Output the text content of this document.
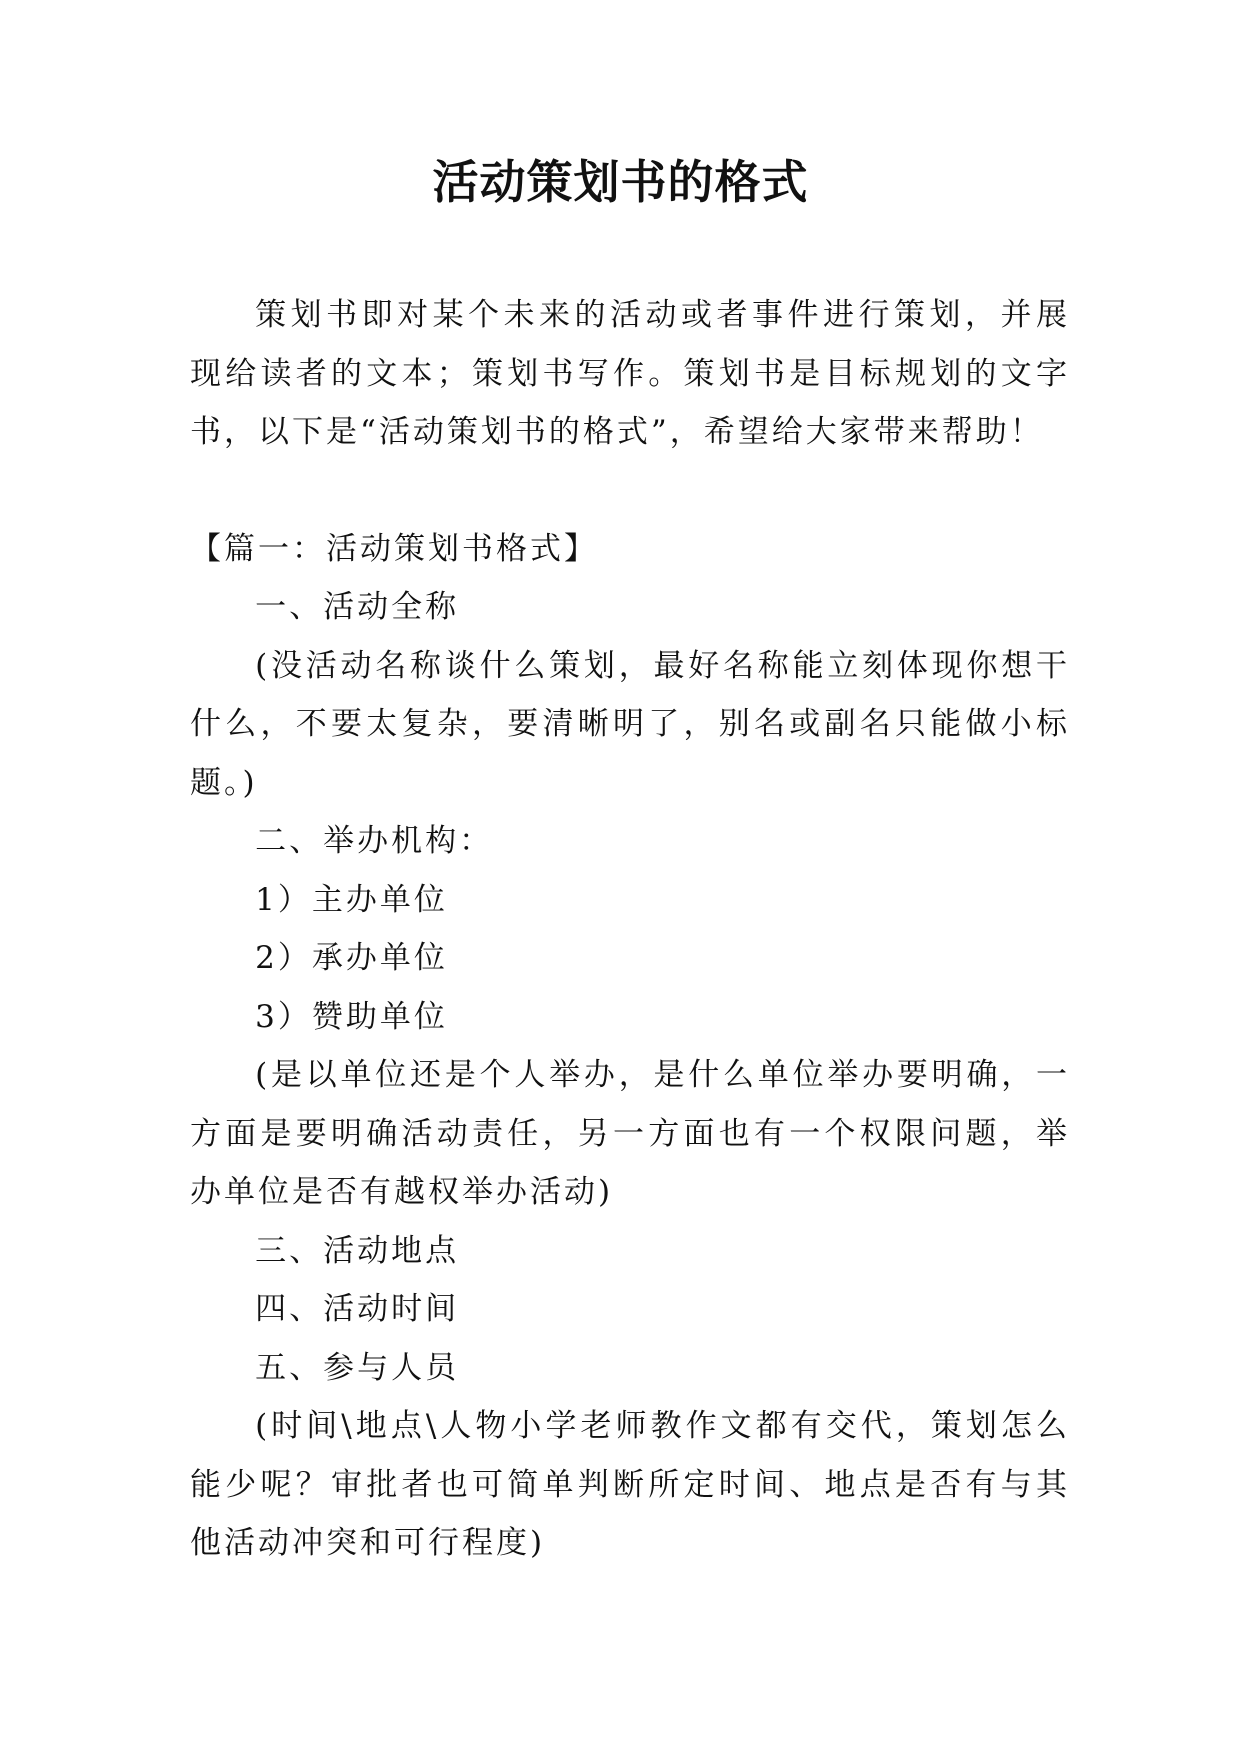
活动策划书的格式

策划书即对某个未来的活动或者事件进行策划，并展现给读者的文本；策划书写作。策划书是目标规划的文字书，以下是“活动策划书的格式”，希望给大家带来帮助！

【篇一：活动策划书格式】

一、活动全称

(没活动名称谈什么策划，最好名称能立刻体现你想干什么，不要太复杂，要清晰明了，别名或副名只能做小标题。)

二、举办机构：

1）主办单位

2）承办单位

3）赞助单位

(是以单位还是个人举办，是什么单位举办要明确，一方面是要明确活动责任，另一方面也有一个权限问题，举办单位是否有越权举办活动)

三、活动地点

四、活动时间

五、参与人员

(时间\地点\人物小学老师教作文都有交代，策划怎么能少呢？审批者也可简单判断所定时间、地点是否有与其他活动冲突和可行程度)
